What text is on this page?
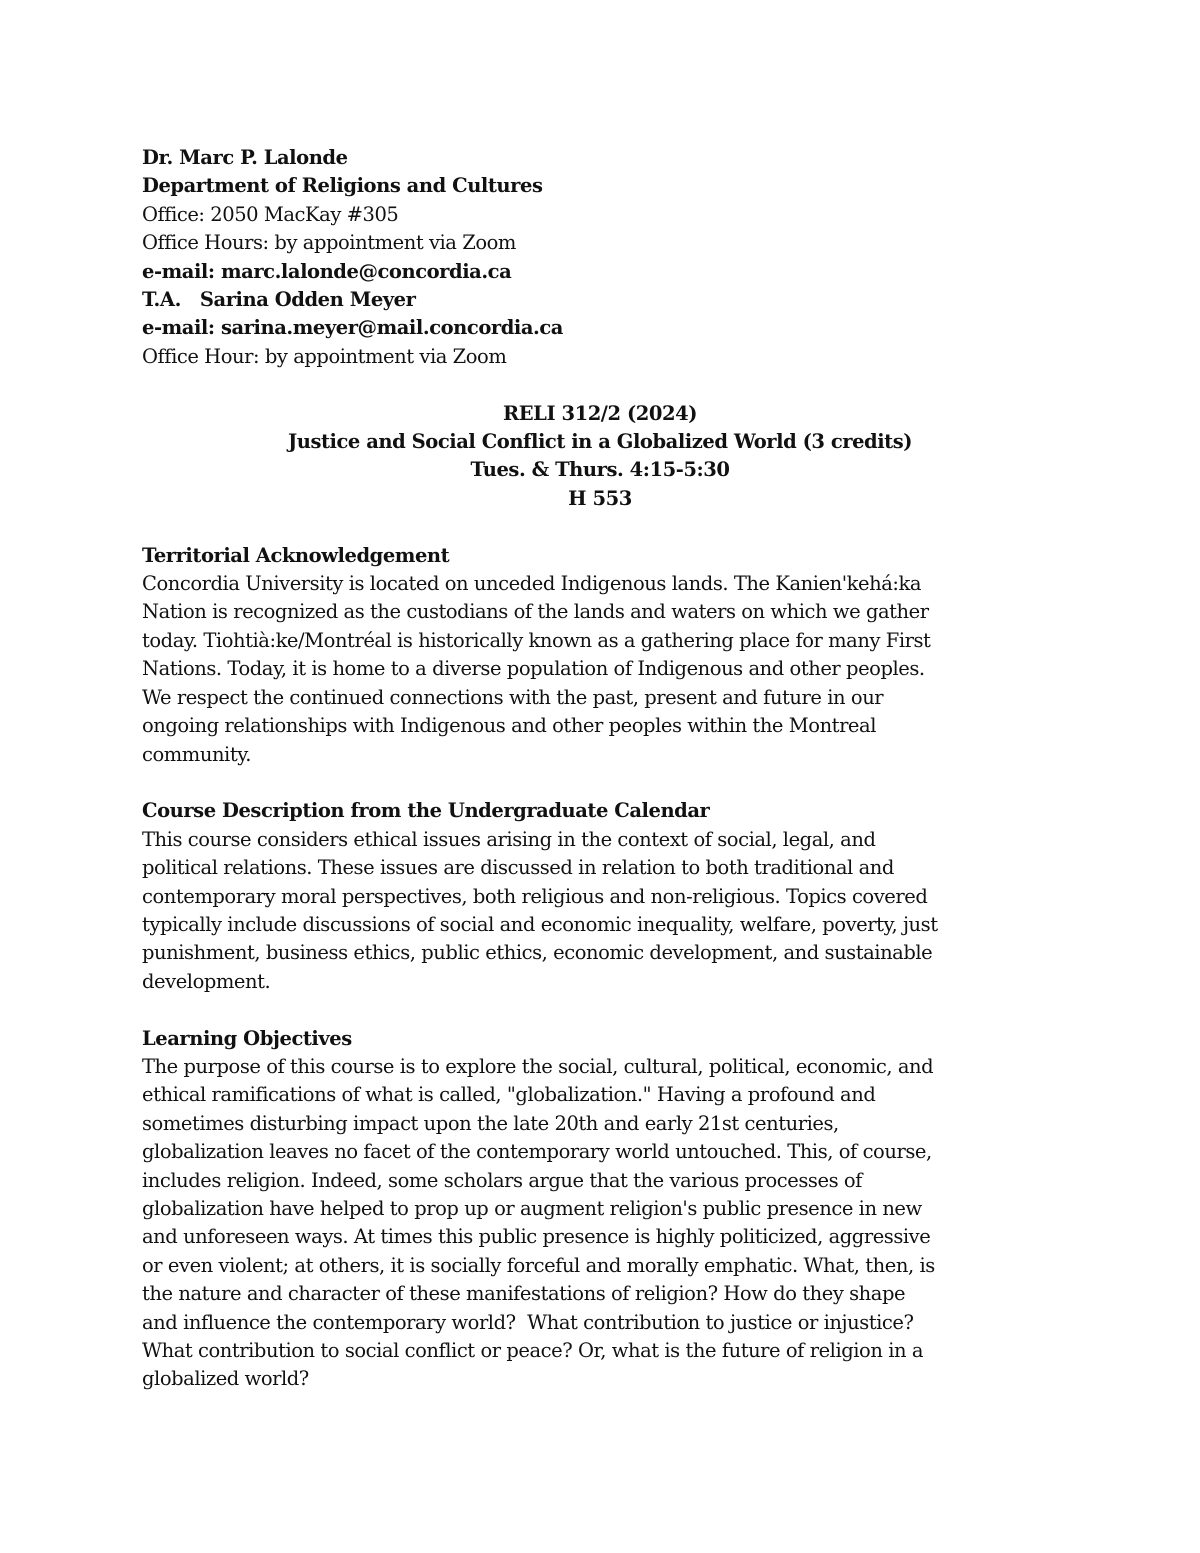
Dr. Marc P. Lalonde
Department of Religions and Cultures
Office: 2050 MacKay #305
Office Hours: by appointment via Zoom
e-mail: marc.lalonde@concordia.ca
T.A.   Sarina Odden Meyer
e-mail: sarina.meyer@mail.concordia.ca
Office Hour: by appointment via Zoom
RELI 312/2 (2024)
Justice and Social Conflict in a Globalized World (3 credits)
Tues. & Thurs. 4:15-5:30
H 553
Territorial Acknowledgement
Concordia University is located on unceded Indigenous lands. The Kanien'kehá:ka
Nation is recognized as the custodians of the lands and waters on which we gather
today. Tiohtià:ke/Montréal is historically known as a gathering place for many First
Nations. Today, it is home to a diverse population of Indigenous and other peoples.
We respect the continued connections with the past, present and future in our
ongoing relationships with Indigenous and other peoples within the Montreal
community.
Course Description from the Undergraduate Calendar
This course considers ethical issues arising in the context of social, legal, and
political relations. These issues are discussed in relation to both traditional and
contemporary moral perspectives, both religious and non-religious. Topics covered
typically include discussions of social and economic inequality, welfare, poverty, just
punishment, business ethics, public ethics, economic development, and sustainable
development.
Learning Objectives
The purpose of this course is to explore the social, cultural, political, economic, and
ethical ramifications of what is called, "globalization." Having a profound and
sometimes disturbing impact upon the late 20th and early 21st centuries,
globalization leaves no facet of the contemporary world untouched. This, of course,
includes religion. Indeed, some scholars argue that the various processes of
globalization have helped to prop up or augment religion's public presence in new
and unforeseen ways. At times this public presence is highly politicized, aggressive
or even violent; at others, it is socially forceful and morally emphatic. What, then, is
the nature and character of these manifestations of religion? How do they shape
and influence the contemporary world?  What contribution to justice or injustice?
What contribution to social conflict or peace? Or, what is the future of religion in a
globalized world?
